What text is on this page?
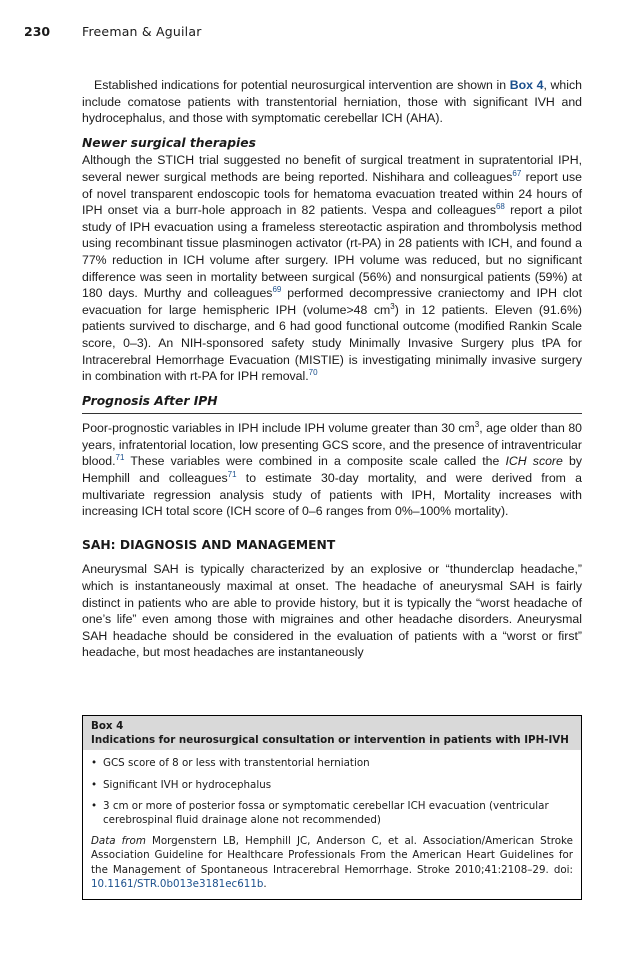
230	Freeman & Aguilar

Established indications for potential neurosurgical intervention are shown in Box 4, which include comatose patients with transtentorial herniation, those with significant IVH and hydrocephalus, and those with symptomatic cerebellar ICH (AHA).

Newer surgical therapies

Although the STICH trial suggested no benefit of surgical treatment in supratentorial IPH, several newer surgical methods are being reported. Nishihara and colleagues$^{67}$ report use of novel transparent endoscopic tools for hematoma evacuation treated within 24 hours of IPH onset via a burr-hole approach in 82 patients. Vespa and colleagues$^{68}$ report a pilot study of IPH evacuation using a frameless stereotactic aspiration and thrombolysis method using recombinant tissue plasminogen activator (rt-PA) in 28 patients with ICH, and found a 77% reduction in ICH volume after surgery. IPH volume was reduced, but no significant difference was seen in mortality between surgical (56%) and nonsurgical patients (59%) at 180 days. Murthy and colleagues$^{69}$ performed decompressive craniectomy and IPH clot evacuation for large hemispheric IPH (volume>48 $cm^3$) in 12 patients. Eleven (91.6%) patients survived to discharge, and 6 had good functional outcome (modified Rankin Scale score, 0–3). An NIH-sponsored safety study Minimally Invasive Surgery plus tPA for Intracerebral Hemorrhage Evacuation (MISTIE) is investigating minimally invasive surgery in combination with rt-PA for IPH removal.$^{70}$

Prognosis After IPH

Poor-prognostic variables in IPH include IPH volume greater than 30 $cm^3$, age older than 80 years, infratentorial location, low presenting GCS score, and the presence of intraventricular blood.$^{71}$ These variables were combined in a composite scale called the ICH score by Hemphill and colleagues$^{71}$ to estimate 30-day mortality, and were derived from a multivariate regression analysis study of patients with IPH, Mortality increases with increasing ICH total score (ICH score of 0–6 ranges from 0%–100% mortality).

SAH: DIAGNOSIS AND MANAGEMENT

Aneurysmal SAH is typically characterized by an explosive or “thunderclap headache,” which is instantaneously maximal at onset. The headache of aneurysmal SAH is fairly distinct in patients who are able to provide history, but it is typically the “worst headache of one’s life” even among those with migraines and other headache disorders. Aneurysmal SAH headache should be considered in the evaluation of patients with a “worst or first” headache, but most headaches are instantaneously

Box 4
Indications for neurosurgical consultation or intervention in patients with IPH-IVH
• GCS score of 8 or less with transtentorial herniation
• Significant IVH or hydrocephalus
• 3 cm or more of posterior fossa or symptomatic cerebellar ICH evacuation (ventricular cerebrospinal fluid drainage alone not recommended)
Data from Morgenstern LB, Hemphill JC, Anderson C, et al. Association/American Stroke Association Guideline for Healthcare Professionals From the American Heart Guidelines for the Management of Spontaneous Intracerebral Hemorrhage. Stroke 2010;41:2108–29. doi: 10.1161/STR.0b013e3181ec611b.
